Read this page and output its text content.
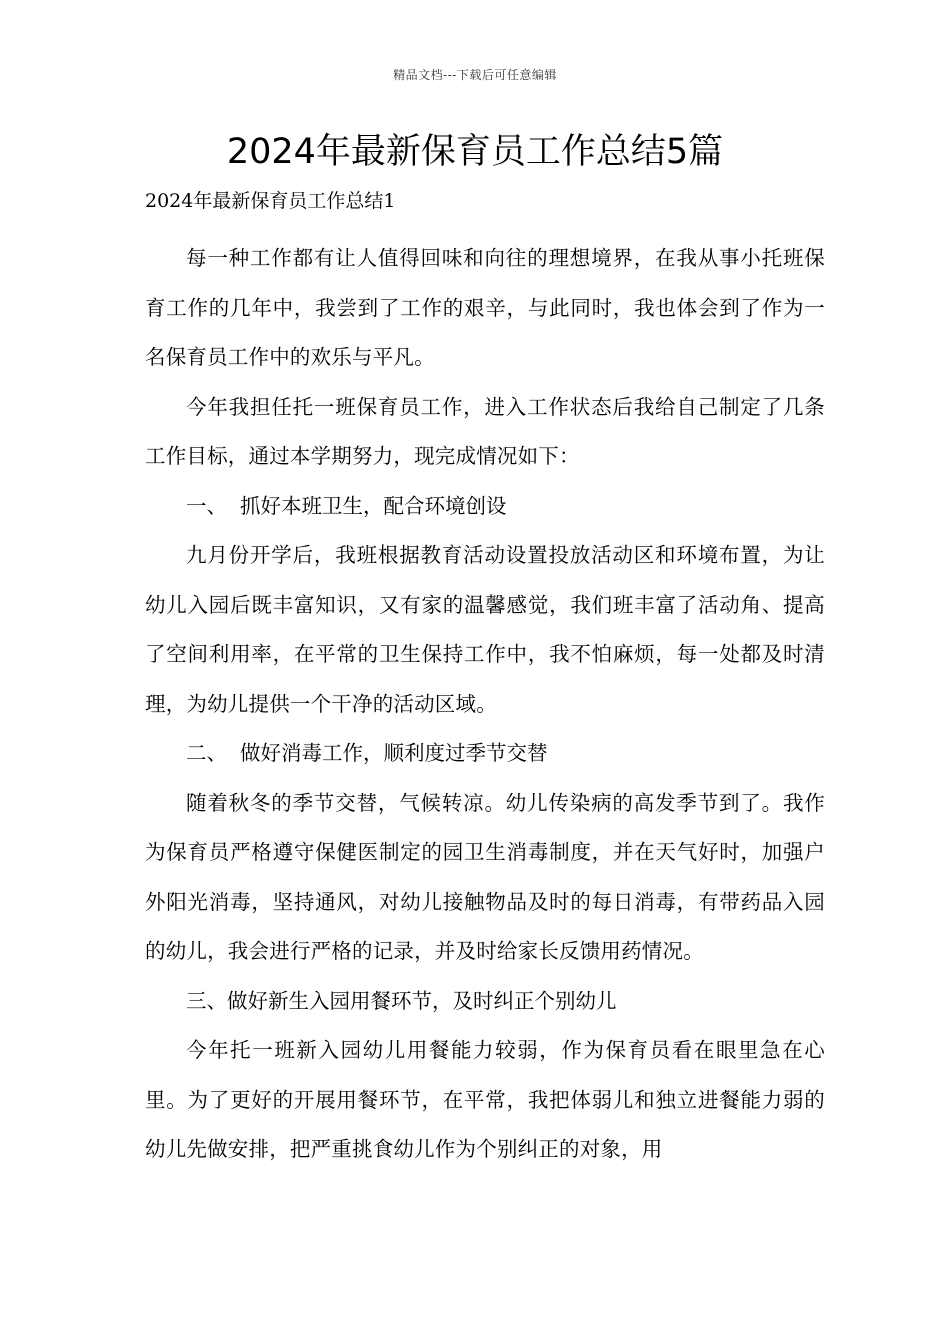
精品文档---下载后可任意编辑
2024年最新保育员工作总结5篇

2024年最新保育员工作总结1

每一种工作都有让人值得回味和向往的理想境界，在我从事小托班保育工作的几年中，我尝到了工作的艰辛，与此同时，我也体会到了作为一名保育员工作中的欢乐与平凡。

今年我担任托一班保育员工作，进入工作状态后我给自己制定了几条工作目标，通过本学期努力，现完成情况如下：

一、  抓好本班卫生，配合环境创设

九月份开学后，我班根据教育活动设置投放活动区和环境布置，为让幼儿入园后既丰富知识，又有家的温馨感觉，我们班丰富了活动角、提高了空间利用率，在平常的卫生保持工作中，我不怕麻烦，每一处都及时清理，为幼儿提供一个干净的活动区域。

二、  做好消毒工作，顺利度过季节交替

随着秋冬的季节交替，气候转凉。幼儿传染病的高发季节到了。我作为保育员严格遵守保健医制定的园卫生消毒制度，并在天气好时，加强户外阳光消毒，坚持通风，对幼儿接触物品及时的每日消毒，有带药品入园的幼儿，我会进行严格的记录，并及时给家长反馈用药情况。

三、做好新生入园用餐环节，及时纠正个别幼儿

今年托一班新入园幼儿用餐能力较弱，作为保育员看在眼里急在心里。为了更好的开展用餐环节，在平常，我把体弱儿和独立进餐能力弱的幼儿先做安排，把严重挑食幼儿作为个别纠正的对象，用
